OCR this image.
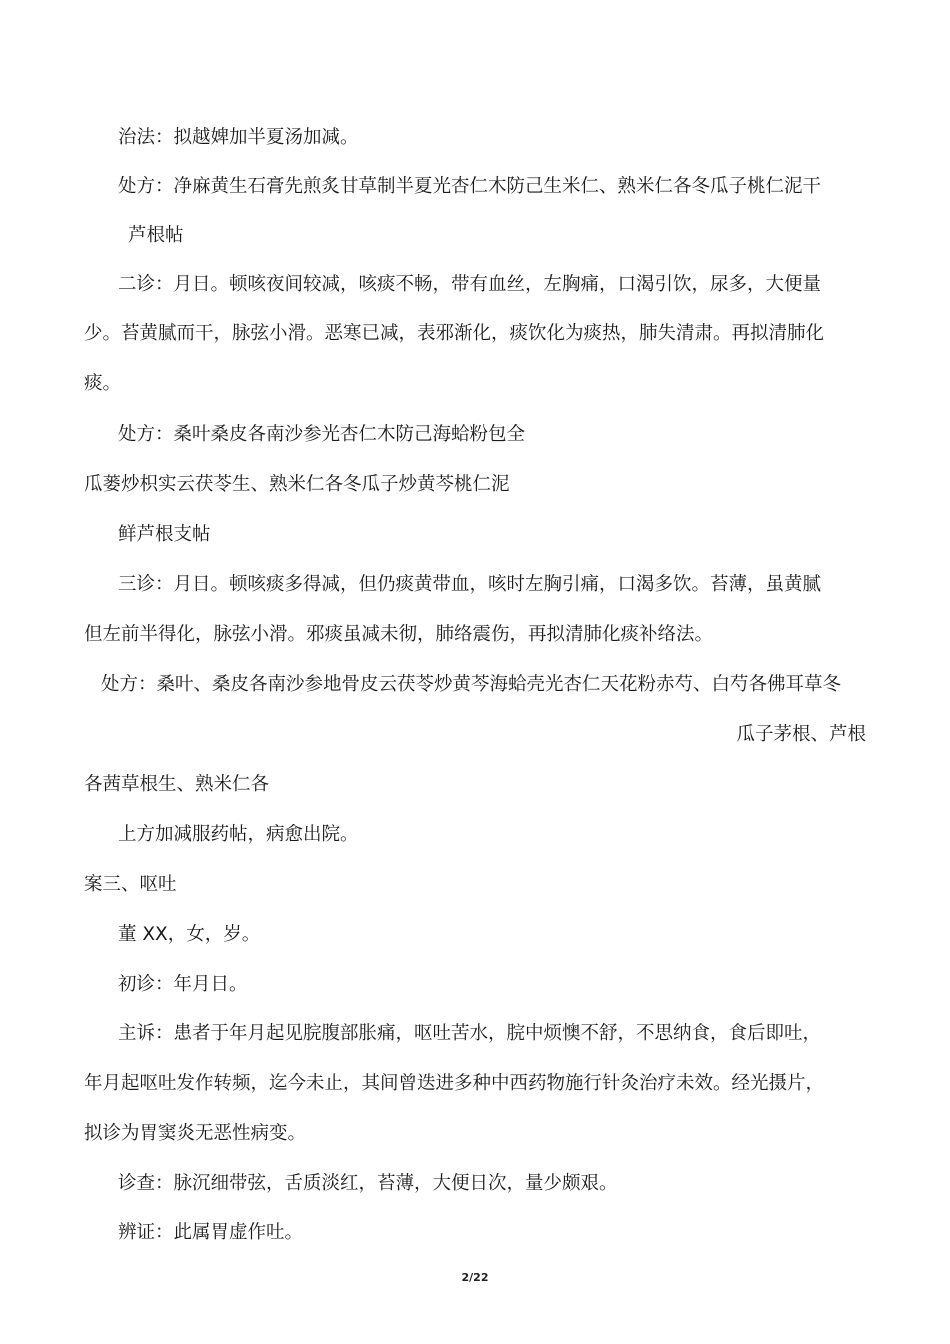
治法：拟越婢加半夏汤加减。
处方：净麻黄生石膏先煎炙甘草制半夏光杏仁木防己生米仁、熟米仁各冬瓜子桃仁泥干
芦根帖
二诊：月日。顿咳夜间较减，咳痰不畅，带有血丝，左胸痛，口渴引饮，尿多，大便量
少。苔黄腻而干，脉弦小滑。恶寒已减，表邪渐化，痰饮化为痰热，肺失清肃。再拟清肺化
痰。
处方：桑叶桑皮各南沙参光杏仁木防己海蛤粉包全
瓜蒌炒枳实云茯苓生、熟米仁各冬瓜子炒黄芩桃仁泥
鲜芦根支帖
三诊：月日。顿咳痰多得减，但仍痰黄带血，咳时左胸引痛，口渴多饮。苔薄，虽黄腻
但左前半得化，脉弦小滑。邪痰虽减未彻，肺络震伤，再拟清肺化痰补络法。
处方：桑叶、桑皮各南沙参地骨皮云茯苓炒黄芩海蛤壳光杏仁天花粉赤芍、白芍各佛耳草冬
瓜子茅根、芦根
各茜草根生、熟米仁各
上方加减服药帖，病愈出院。
案三、呕吐
董 XX，女，岁。
初诊：年月日。
主诉：患者于年月起见脘腹部胀痛，呕吐苦水，脘中烦懊不舒，不思纳食，食后即吐，
年月起呕吐发作转频，迄今未止，其间曾迭进多种中西药物施行针灸治疗未效。经光摄片，
拟诊为胃窦炎无恶性病变。
诊查：脉沉细带弦，舌质淡红，苔薄，大便日次，量少颇艰。
辨证：此属胃虚作吐。
2/22
